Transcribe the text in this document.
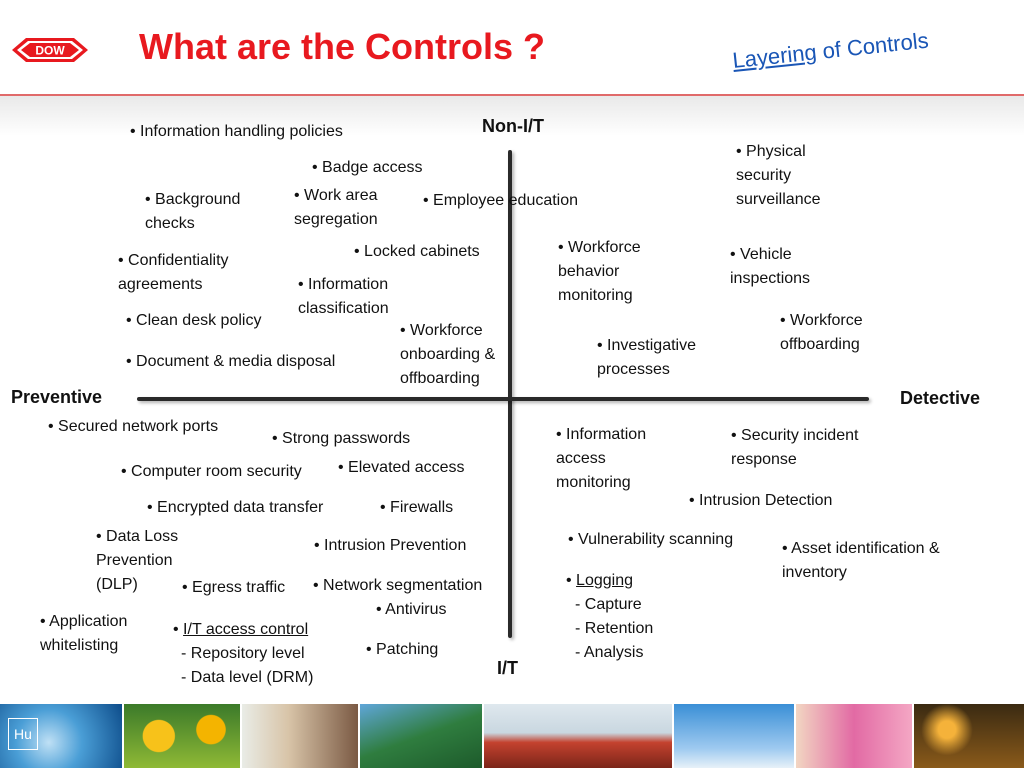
DOW What are the Controls ?	Layering of Controls
Non-I/T
I/T
Preventive	Detective
• Information handling policies
• Badge access
• Background
checks
• Work area
segregation
• Employee education
• Locked cabinets
• Confidentiality
agreements	• Information
classification
• Clean desk policy
• Workforce
onboarding &
offboarding
• Document & media disposal
• Physical
security
surveillance
• Workforce
behavior
monitoring
• Vehicle
inspections
• Workforce
offboarding
• Investigative
processes
• Secured network ports
• Strong passwords
• Computer room security • Elevated access
• Encrypted data transfer	• Firewalls
• Data Loss
Prevention
(DLP)
• Intrusion Prevention
• Egress traffic • Network segmentation
• Antivirus
• Application
whitelisting
• I/T access control
- Repository level
- Data level (DRM)
• Patching
• Information
access
monitoring
• Security incident
response
• Intrusion Detection
• Vulnerability scanning
• Asset identification &
inventory
• Logging
- Capture
- Retention
- Analysis
Hu
